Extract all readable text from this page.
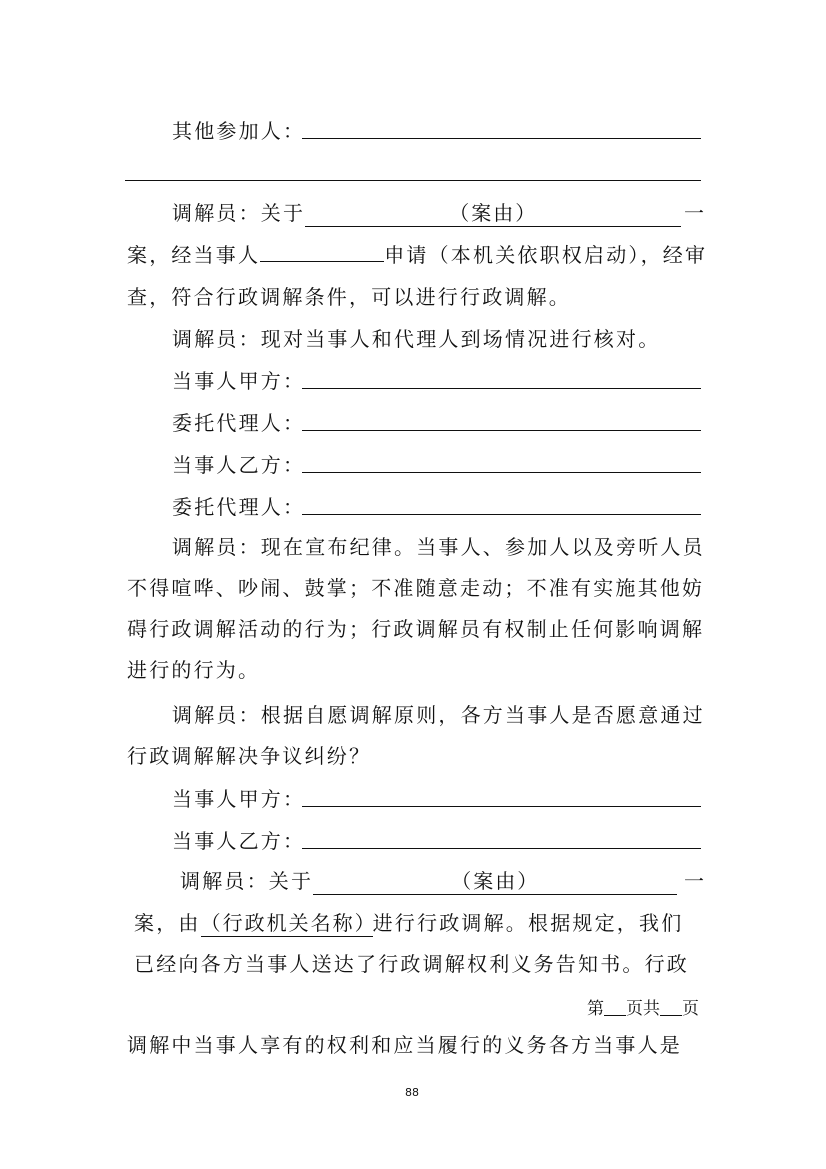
其他参加人：
调解员：关于	（案由）	一
案，经当事人	申请（本机关依职权启动），经审
查，符合行政调解条件，可以进行行政调解。
调解员：现对当事人和代理人到场情况进行核对。
当事人甲方：
委托代理人：
当事人乙方：
委托代理人：
调解员：现在宣布纪律。当事人、参加人以及旁听人员
不得喧哗、吵闹、鼓掌；不准随意走动；不准有实施其他妨
碍行政调解活动的行为；行政调解员有权制止任何影响调解
进行的行为。
调解员：根据自愿调解原则，各方当事人是否愿意通过
行政调解解决争议纠纷？
当事人甲方：
当事人乙方：
调解员：关于	（案由）	一
案，由（行政机关名称）进行行政调解。根据规定，我们
已经向各方当事人送达了行政调解权利义务告知书。行政
第 页共 页
调解中当事人享有的权利和应当履行的义务各方当事人是
88
